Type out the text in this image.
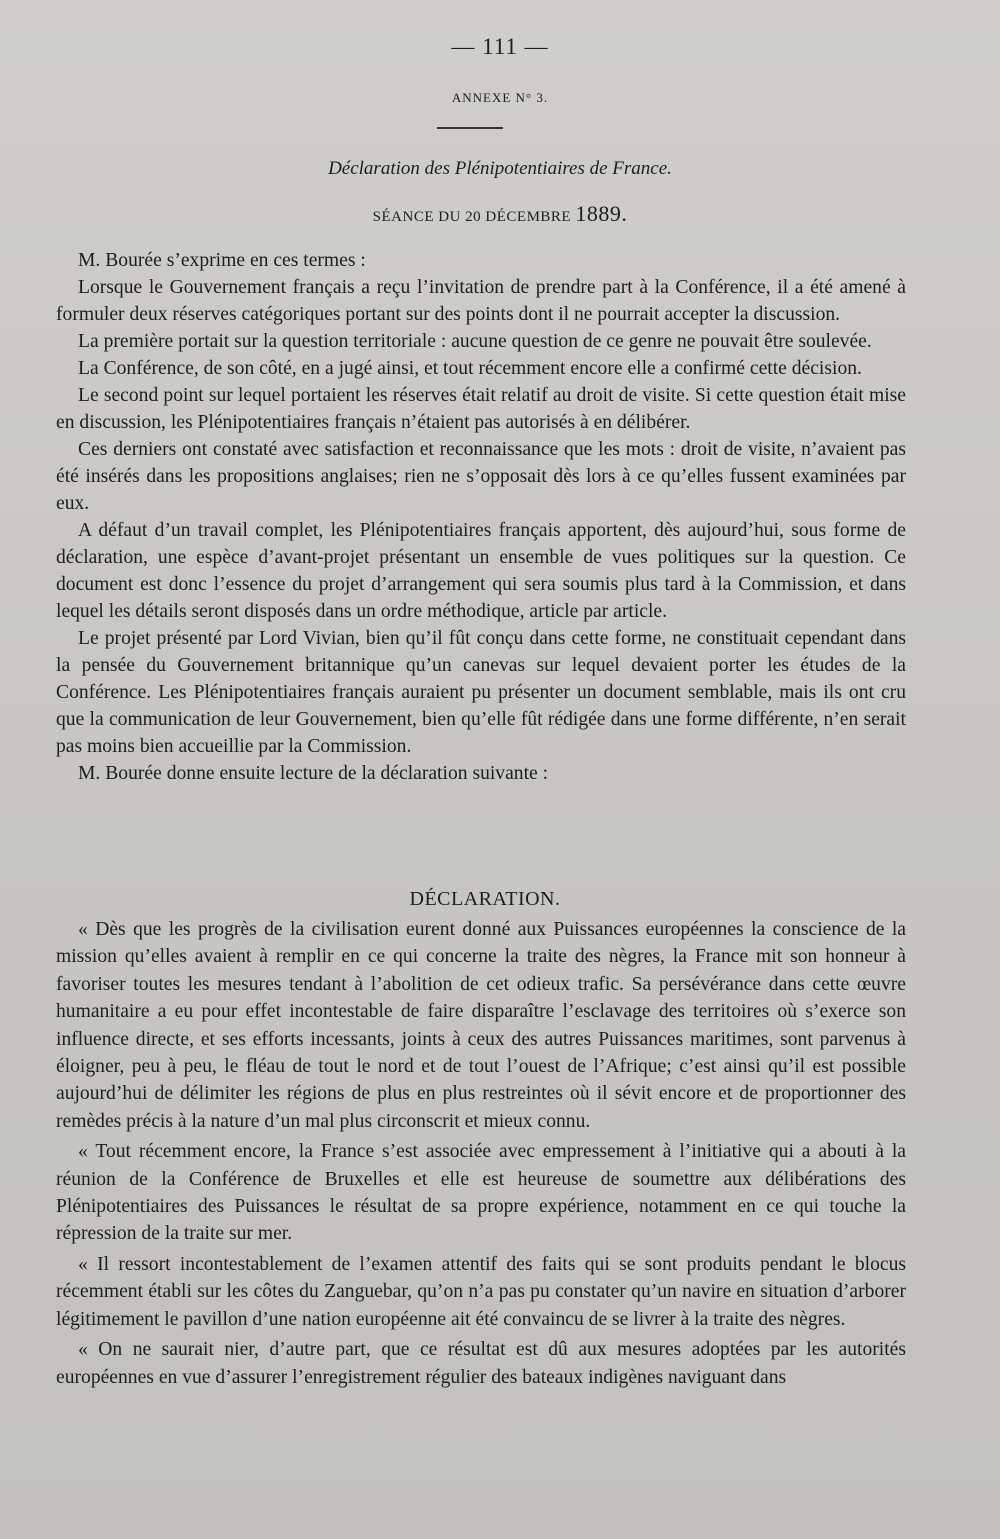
— 111 —
ANNEXE N° 3.
Déclaration des Plénipotentiaires de France.
SÉANCE DU 20 DÉCEMBRE 1889.

M. Bourée s’exprime en ces termes :

Lorsque le Gouvernement français a reçu l’invitation de prendre part à la Conférence, il a été amené à formuler deux réserves catégoriques portant sur des points dont il ne pourrait accepter la discussion.

La première portait sur la question territoriale : aucune question de ce genre ne pouvait être soulevée.

La Conférence, de son côté, en a jugé ainsi, et tout récemment encore elle a confirmé cette décision.

Le second point sur lequel portaient les réserves était relatif au droit de visite. Si cette question était mise en discussion, les Plénipotentiaires français n’étaient pas autorisés à en délibérer.

Ces derniers ont constaté avec satisfaction et reconnaissance que les mots : droit de visite, n’avaient pas été insérés dans les propositions anglaises; rien ne s’opposait dès lors à ce qu’elles fussent examinées par eux.

A défaut d’un travail complet, les Plénipotentiaires français apportent, dès aujourd’hui, sous forme de déclaration, une espèce d’avant-projet présentant un ensemble de vues politiques sur la question. Ce document est donc l’essence du projet d’arrangement qui sera soumis plus tard à la Commission, et dans lequel les détails seront disposés dans un ordre méthodique, article par article.

Le projet présenté par Lord Vivian, bien qu’il fût conçu dans cette forme, ne constituait cependant dans la pensée du Gouvernement britannique qu’un canevas sur lequel devaient porter les études de la Conférence. Les Plénipotentiaires français auraient pu présenter un document semblable, mais ils ont cru que la communication de leur Gouvernement, bien qu’elle fût rédigée dans une forme différente, n’en serait pas moins bien accueillie par la Commission.

M. Bourée donne ensuite lecture de la déclaration suivante :

DÉCLARATION.

« Dès que les progrès de la civilisation eurent donné aux Puissances européennes la conscience de la mission qu’elles avaient à remplir en ce qui concerne la traite des nègres, la France mit son honneur à favoriser toutes les mesures tendant à l’abolition de cet odieux trafic. Sa persévérance dans cette œuvre humanitaire a eu pour effet incontestable de faire disparaître l’esclavage des territoires où s’exerce son influence directe, et ses efforts incessants, joints à ceux des autres Puissances maritimes, sont parvenus à éloigner, peu à peu, le fléau de tout le nord et de tout l’ouest de l’Afrique; c’est ainsi qu’il est possible aujourd’hui de délimiter les régions de plus en plus restreintes où il sévit encore et de proportionner des remèdes précis à la nature d’un mal plus circonscrit et mieux connu.

« Tout récemment encore, la France s’est associée avec empressement à l’initiative qui a abouti à la réunion de la Conférence de Bruxelles et elle est heureuse de soumettre aux délibérations des Plénipotentiaires des Puissances le résultat de sa propre expérience, notamment en ce qui touche la répression de la traite sur mer.

« Il ressort incontestablement de l’examen attentif des faits qui se sont produits pendant le blocus récemment établi sur les côtes du Zanguebar, qu’on n’a pas pu constater qu’un navire en situation d’arborer légitimement le pavillon d’une nation européenne ait été convaincu de se livrer à la traite des nègres.

« On ne saurait nier, d’autre part, que ce résultat est dû aux mesures adoptées par les autorités européennes en vue d’assurer l’enregistrement régulier des bateaux indigènes naviguant dans
